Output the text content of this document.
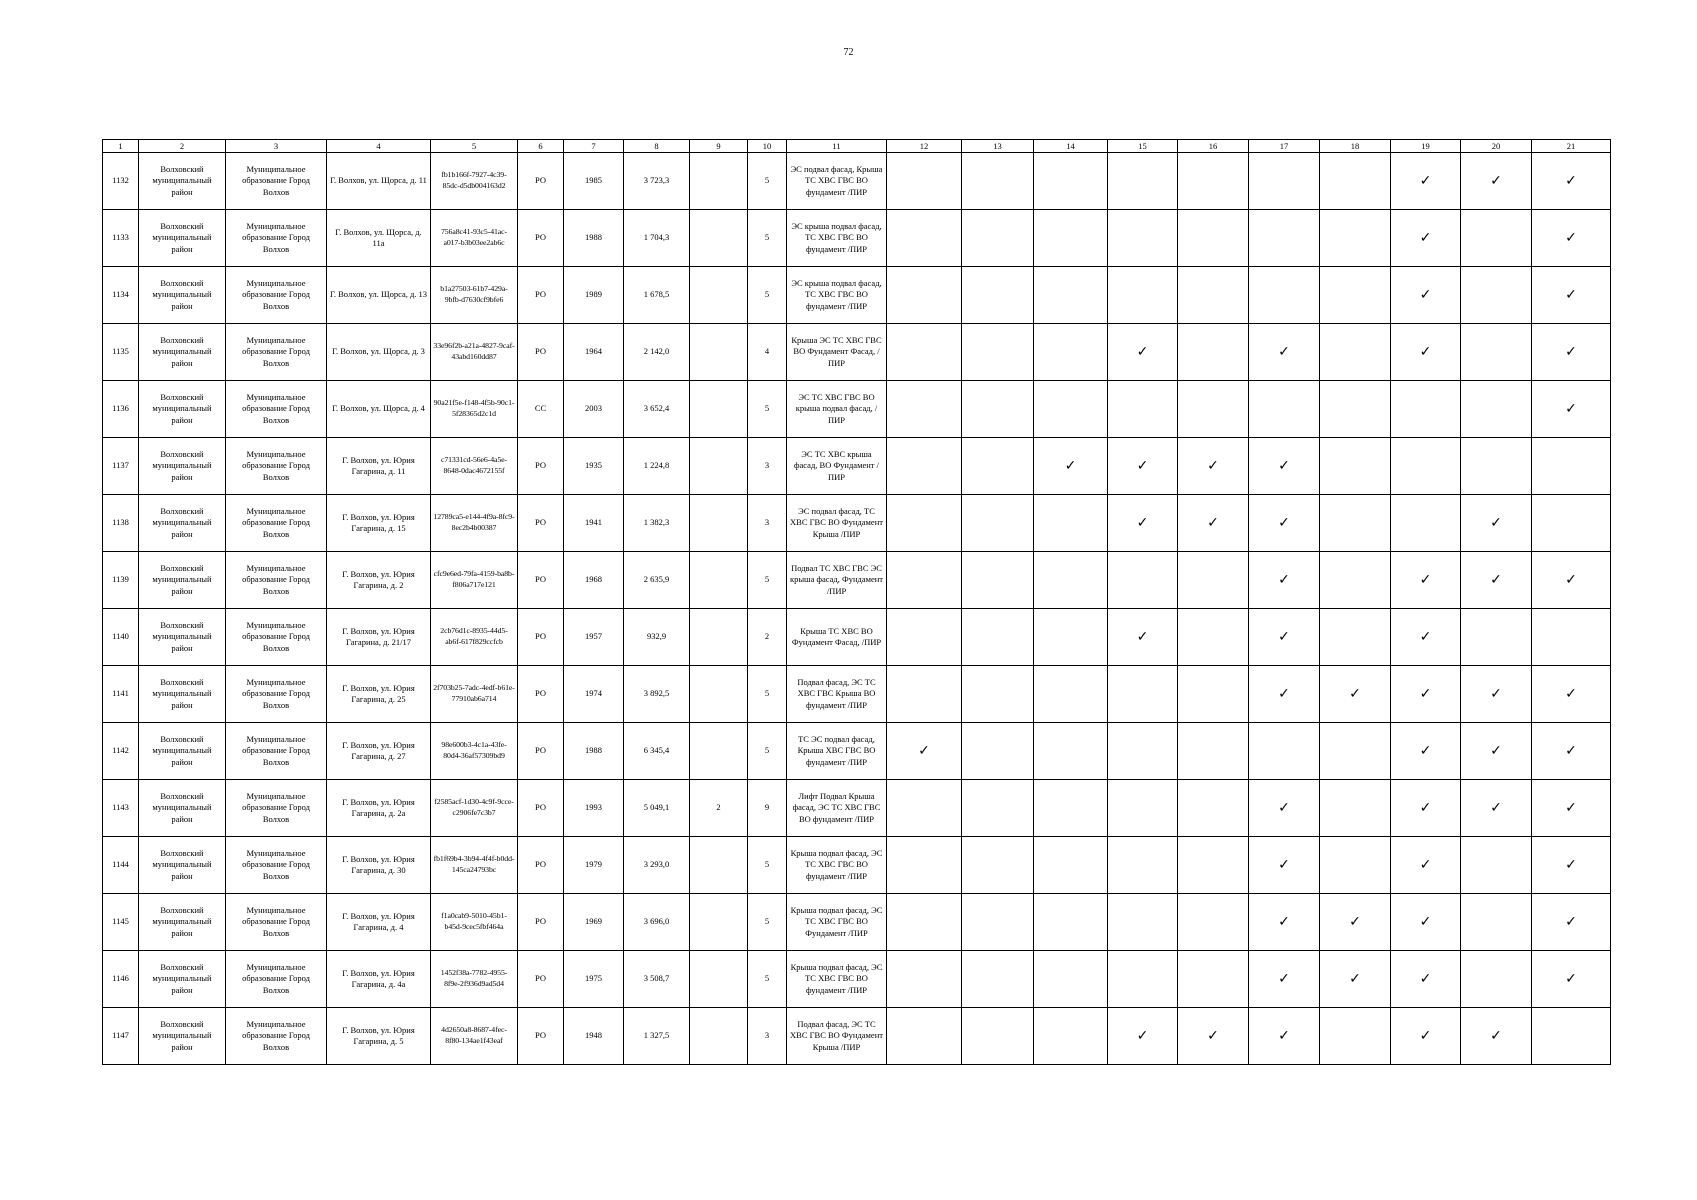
72
1	2	3	4	5	6	7	8	9	10	11	12	13	14	15	16	17	18	19	20	21
1132	Волховский муниципальный район	Муниципальное образование Город Волхов	Г. Волхов, ул. Щорса, д. 11	fb1b166f-7927-4c39-85dc-d5db004163d2	РО	1985	3 723,3		5	ЭС подвал фасад, Крыша ТС ХВС ГВС ВО фундамент /ПИР								✓	✓	✓
1133	Волховский муниципальный район	Муниципальное образование Город Волхов	Г. Волхов, ул. Щорса, д. 11а	756a8c41-93c5-41ac-a017-b3b03ee2ab6c	РО	1988	1 704,3		5	ЭС крыша подвал фасад, ТС ХВС ГВС ВО фундамент /ПИР								✓		✓
1134	Волховский муниципальный район	Муниципальное образование Город Волхов	Г. Волхов, ул. Щорса, д. 13	b1a27503-61b7-429a-9bfb-d7630cf9bfe6	РО	1989	1 678,5		5	ЭС крыша подвал фасад, ТС ХВС ГВС ВО фундамент /ПИР								✓		✓
1135	Волховский муниципальный район	Муниципальное образование Город Волхов	Г. Волхов, ул. Щорса, д. 3	33e96f2b-a21a-4827-9caf-43abd160dd87	РО	1964	2 142,0		4	Крыша ЭС ТС ХВС ГВС ВО Фундамент Фасад, /ПИР				✓		✓		✓		✓
1136	Волховский муниципальный район	Муниципальное образование Город Волхов	Г. Волхов, ул. Щорса, д. 4	90a21f5e-f148-4f5b-90c1-5f28365d2c1d	СС	2003	3 652,4		5	ЭС ТС ХВС ГВС ВО крыша подвал фасад, /ПИР										✓
1137	Волховский муниципальный район	Муниципальное образование Город Волхов	Г. Волхов, ул. Юрия Гагарина, д. 11	c71331cd-56e6-4a5e-8648-0dac4672155f	РО	1935	1 224,8		3	ЭС ТС ХВС крыша фасад, ВО Фундамент /ПИР			✓	✓	✓	✓				
1138	Волховский муниципальный район	Муниципальное образование Город Волхов	Г. Волхов, ул. Юрия Гагарина, д. 15	12789ca5-e144-4f9a-8fc9-8ec2b4b00387	РО	1941	1 382,3		3	ЭС подвал фасад, ТС ХВС ГВС ВО Фундамент Крыша /ПИР				✓	✓	✓			✓	
1139	Волховский муниципальный район	Муниципальное образование Город Волхов	Г. Волхов, ул. Юрия Гагарина, д. 2	cfc9e6ed-79fa-4159-ba8b-f806a717e121	РО	1968	2 635,9		5	Подвал ТС ХВС ГВС ЭС крыша фасад, Фундамент /ПИР						✓		✓	✓	✓
1140	Волховский муниципальный район	Муниципальное образование Город Волхов	Г. Волхов, ул. Юрия Гагарина, д. 21/17	2cb76d1c-8935-44d5-ab6f-617f829ccfcb	РО	1957	932,9		2	Крыша ТС ХВС ВО Фундамент Фасад, /ПИР				✓		✓		✓		
1141	Волховский муниципальный район	Муниципальное образование Город Волхов	Г. Волхов, ул. Юрия Гагарина, д. 25	2f703b25-7adc-4edf-b61e-77910ab6a714	РО	1974	3 892,5		5	Подвал фасад, ЭС ТС ХВС ГВС Крыша ВО фундамент /ПИР						✓	✓	✓	✓	✓
1142	Волховский муниципальный район	Муниципальное образование Город Волхов	Г. Волхов, ул. Юрия Гагарина, д. 27	98e600b3-4c1a-43fe-80d4-36af57309bd9	РО	1988	6 345,4		5	ТС ЭС подвал фасад, Крыша ХВС ГВС ВО фундамент /ПИР	✓							✓	✓	✓
1143	Волховский муниципальный район	Муниципальное образование Город Волхов	Г. Волхов, ул. Юрия Гагарина, д. 2а	f2585acf-1d30-4c9f-9cce-c2906fe7c3b7	РО	1993	5 049,1	2	9	Лифт Подвал Крыша фасад, ЭС ТС ХВС ГВС ВО фундамент /ПИР						✓		✓	✓	✓
1144	Волховский муниципальный район	Муниципальное образование Город Волхов	Г. Волхов, ул. Юрия Гагарина, д. 30	fb1f69b4-3b94-4f4f-b0dd-145ca24793bc	РО	1979	3 293,0		5	Крыша подвал фасад, ЭС ТС ХВС ГВС ВО фундамент /ПИР						✓		✓		✓
1145	Волховский муниципальный район	Муниципальное образование Город Волхов	Г. Волхов, ул. Юрия Гагарина, д. 4	f1a0cab9-5010-45b1-b45d-9cec5fbf464a	РО	1969	3 696,0		5	Крыша подвал фасад, ЭС ТС ХВС ГВС ВО Фундамент /ПИР						✓	✓	✓		✓
1146	Волховский муниципальный район	Муниципальное образование Город Волхов	Г. Волхов, ул. Юрия Гагарина, д. 4а	1452f38a-7782-4955-8f9e-2f936d9ad5d4	РО	1975	3 508,7		5	Крыша подвал фасад, ЭС ТС ХВС ГВС ВО фундамент /ПИР						✓	✓	✓		✓
1147	Волховский муниципальный район	Муниципальное образование Город Волхов	Г. Волхов, ул. Юрия Гагарина, д. 5	4d2650a8-8687-4fec-8f80-134ae1f43eaf	РО	1948	1 327,5		3	Подвал фасад, ЭС ТС ХВС ГВС ВО Фундамент Крыша /ПИР				✓	✓	✓		✓	✓	
